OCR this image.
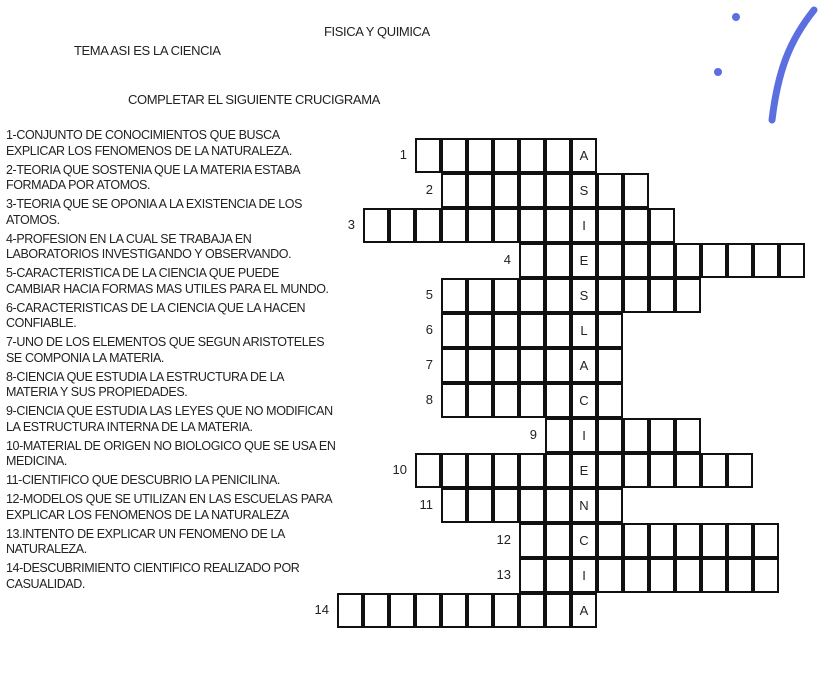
FISICA Y QUIMICA
TEMA ASI ES LA CIENCIA
COMPLETAR EL SIGUIENTE CRUCIGRAMA
1-CONJUNTO DE CONOCIMIENTOS QUE BUSCA EXPLICAR LOS FENOMENOS DE LA NATURALEZA.
2-TEORIA QUE SOSTENIA QUE LA MATERIA ESTABA FORMADA POR ATOMOS.
3-TEORIA QUE SE OPONIA A LA EXISTENCIA DE LOS ATOMOS.
4-PROFESION EN LA CUAL SE TRABAJA EN LABORATORIOS INVESTIGANDO Y OBSERVANDO.
5-CARACTERISTICA DE LA CIENCIA QUE PUEDE CAMBIAR HACIA FORMAS MAS UTILES PARA EL MUNDO.
6-CARACTERISTICAS DE LA CIENCIA QUE LA HACEN CONFIABLE.
7-UNO DE LOS ELEMENTOS QUE SEGUN ARISTOTELES SE COMPONIA LA MATERIA.
8-CIENCIA QUE ESTUDIA LA ESTRUCTURA DE LA MATERIA Y SUS PROPIEDADES.
9-CIENCIA QUE ESTUDIA LAS LEYES QUE NO MODIFICAN LA ESTRUCTURA INTERNA DE LA MATERIA.
10-MATERIAL DE ORIGEN NO BIOLOGICO QUE SE USA EN MEDICINA.
11-CIENTIFICO QUE DESCUBRIO LA PENICILINA.
12-MODELOS QUE SE UTILIZAN EN LAS ESCUELAS PARA EXPLICAR LOS FENOMENOS DE LA NATURALEZA
13.INTENTO DE EXPLICAR UN FENOMENO DE LA NATURALEZA.
14-DESCUBRIMIENTO CIENTIFICO REALIZADO POR CASUALIDAD.
A
1
S
2
I
3
E
4
S
5
L
6
A
7
C
8
I
9
E
10
N
11
C
12
I
13
A
14
